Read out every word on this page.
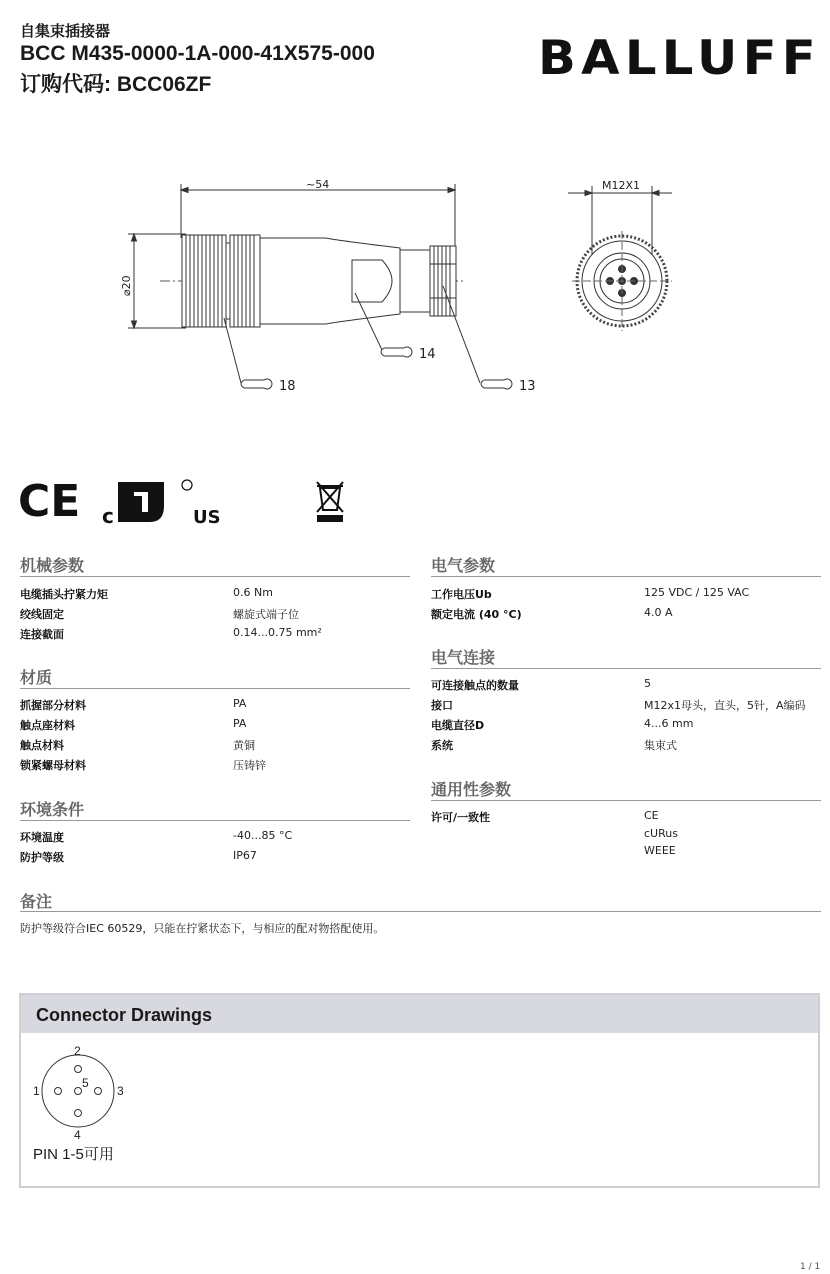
自集束插接器
BCC M435-0000-1A-000-41X575-000
订购代码: BCC06ZF	BALLUFF
~54
⌀20
14
18	13
M12X1
CE c	US
机械参数
电缆插头拧紧力矩	0.6 Nm
绞线固定	螺旋式端子位
连接截面	0.14...0.75 mm²
材质
抓握部分材料	PA
触点座材料	PA
触点材料	黄铜
锁紧螺母材料	压铸锌
环境条件
环境温度	-40...85 °C
防护等级	IP67
电气参数
工作电压Ub	125 VDC / 125 VAC
额定电流 (40 °C)	4.0 A
电气连接
可连接触点的数量	5
接口	M12x1母头，直头，5针，A编码
电缆直径D	4...6 mm
系统	集束式
通用性参数
许可/一致性	CE
cURus
WEEE
备注
防护等级符合IEC 60529，只能在拧紧状态下，与相应的配对物搭配使用。
Connector Drawings
2
1	3
4
5
PIN 1-5可用
1 / 1
